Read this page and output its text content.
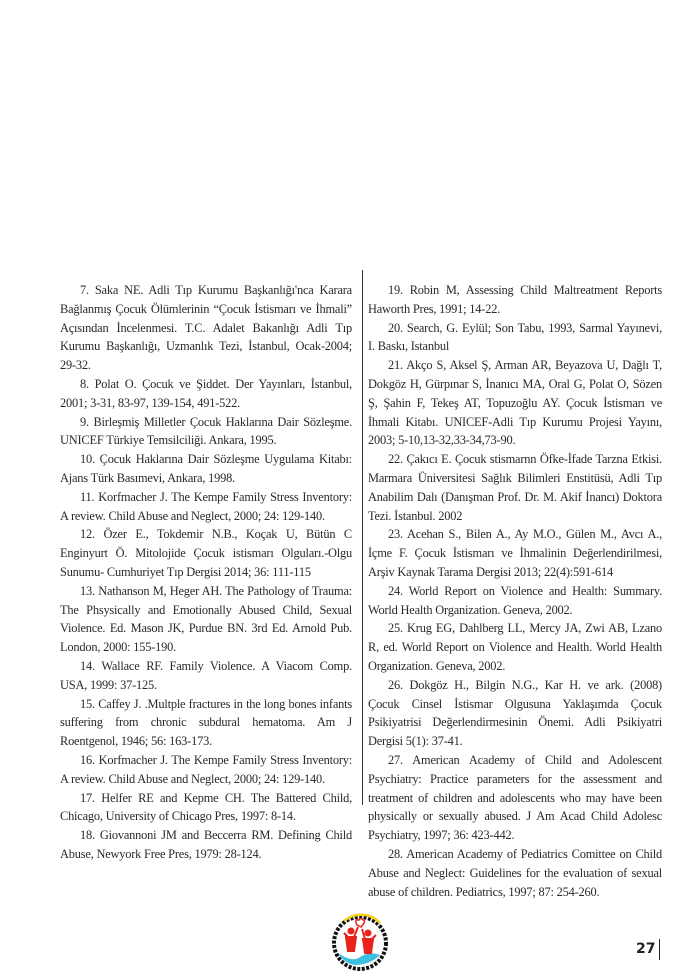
7. Saka NE. Adli Tıp Kurumu Başkanlığı'nca Karara Bağlanmış Çocuk Ölümlerinin “Çocuk İstismarı ve İhmali” Açısından İncelenmesi. T.C. Adalet Bakanlığı Adli Tıp Kurumu Başkanlığı, Uzmanlık Tezi, İstanbul, Ocak-2004; 29-32.

8. Polat O. Çocuk ve Şiddet. Der Yayınları, İstanbul, 2001; 3-31, 83-97, 139-154, 491-522.

9. Birleşmiş Milletler Çocuk Haklarına Dair Sözleşme. UNICEF Türkiye Temsilciliği. Ankara, 1995.

10. Çocuk Haklarına Dair Sözleşme Uygulama Kitabı: Ajans Türk Basımevi, Ankara, 1998.

11. Korfmacher J. The Kempe Family Stress Inventory: A review. Child Abuse and Neglect, 2000; 24: 129-140.

12. Özer E., Tokdemir N.B., Koçak U, Bütün C Enginyurt Ö. Mitolojide Çocuk istismarı Olguları.-Olgu Sunumu- Cumhuriyet Tıp Dergisi 2014; 36: 111-115

13. Nathanson M, Heger AH. The Pathology of Trauma: The Phsysically and Emotionally Abused Child, Sexual Violence. Ed. Mason JK, Purdue BN. 3rd Ed. Arnold Pub. London, 2000: 155-190.

14. Wallace RF. Family Violence. A Viacom Comp. USA, 1999: 37-125.

15. Caffey J. .Multple fractures in the long bones infants suffering from chronic subdural hematoma. Am J Roentgenol, 1946; 56: 163-173.

16. Korfmacher J. The Kempe Family Stress Inventory: A review. Child Abuse and Neglect, 2000; 24: 129-140.

17. Helfer RE and Kepme CH. The Battered Child, Chicago, University of Chicago Pres, 1997: 8-14.

18. Giovannoni JM and Beccerra RM. Defining Child Abuse, Newyork Free Pres, 1979: 28-124.

19. Robin M, Assessing Child Maltreatment Reports Haworth Pres, 1991; 14-22.

20. Search, G. Eylül; Son Tabu, 1993, Sarmal Yayınevi, I. Baskı, Istanbul

21. Akço S, Aksel Ş, Arman AR, Beyazova U, Dağlı T, Dokgöz H, Gürpınar S, İnanıcı MA, Oral G, Polat O, Sözen Ş, Şahin F, Tekeş AT, Topuzoğlu AY. Çocuk İstismarı ve İhmali Kitabı. UNICEF-Adli Tıp Kurumu Projesi Yayını, 2003; 5-10,13-32,33-34,73-90.

22. Çakıcı E. Çocuk stismarnn Öfke-İfade Tarzna Etkisi. Marmara Üniversitesi Sağlık Bilimleri Enstitüsü, Adli Tıp Anabilim Dalı (Danışman Prof. Dr. M. Akif İnancı) Doktora Tezi. İstanbul. 2002

23. Acehan S., Bilen A., Ay M.O., Gülen M., Avcı A., İçme F. Çocuk İstismarı ve İhmalinin Değerlendirilmesi, Arşiv Kaynak Tarama Dergisi 2013; 22(4):591-614

24. World Report on Violence and Health: Summary. World Health Organization. Geneva, 2002.

25. Krug EG, Dahlberg LL, Mercy JA, Zwi AB, Lzano R, ed. World Report on Violence and Health. World Health Organization. Geneva, 2002.

26. Dokgöz H., Bilgin N.G., Kar H. ve ark. (2008) Çocuk Cinsel İstismar Olgusuna Yaklaşımda Çocuk Psikiyatrisi Değerlendirmesinin Önemi. Adli Psikiyatri Dergisi 5(1): 37-41.

27. American Academy of Child and Adolescent Psychiatry: Practice parameters for the assessment and treatment of children and adolescents who may have been physically or sexually abused. J Am Acad Child Adolesc Psychiatry, 1997; 36: 423-442.

28. American Academy of Pediatrics Comittee on Child Abuse and Neglect: Guidelines for the evaluation of sexual abuse of children. Pediatrics, 1997; 87: 254-260.

27
